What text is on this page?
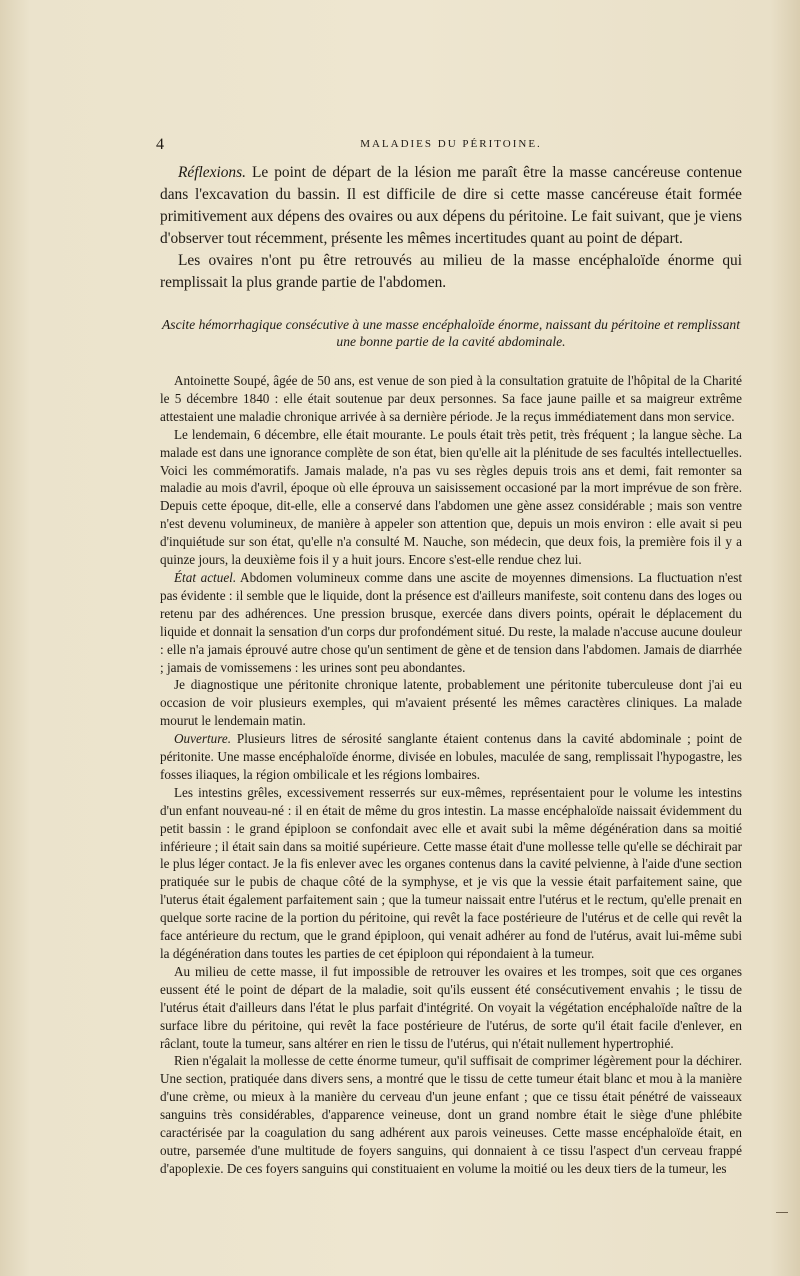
4	MALADIES DU PÉRITOINE.

Réflexions. Le point de départ de la lésion me paraît être la masse cancéreuse contenue dans l'excavation du bassin. Il est difficile de dire si cette masse cancéreuse était formée primitivement aux dépens des ovaires ou aux dépens du péritoine. Le fait suivant, que je viens d'observer tout récemment, présente les mêmes incertitudes quant au point de départ.

Les ovaires n'ont pu être retrouvés au milieu de la masse encéphaloïde énorme qui remplissait la plus grande partie de l'abdomen.

Ascite hémorrhagique consécutive à une masse encéphaloïde énorme, naissant du péritoine et remplissant une bonne partie de la cavité abdominale.

Antoinette Soupé, âgée de 50 ans, est venue de son pied à la consultation gratuite de l'hôpital de la Charité le 5 décembre 1840 : elle était soutenue par deux personnes. Sa face jaune paille et sa maigreur extrême attestaient une maladie chronique arrivée à sa dernière période. Je la reçus immédiatement dans mon service.

Le lendemain, 6 décembre, elle était mourante. Le pouls était très petit, très fréquent ; la langue sèche. La malade est dans une ignorance complète de son état, bien qu'elle ait la plénitude de ses facultés intellectuelles. Voici les commémoratifs. Jamais malade, n'a pas vu ses règles depuis trois ans et demi, fait remonter sa maladie au mois d'avril, époque où elle éprouva un saisissement occasioné par la mort imprévue de son frère. Depuis cette époque, dit-elle, elle a conservé dans l'abdomen une gène assez considérable ; mais son ventre n'est devenu volumineux, de manière à appeler son attention que, depuis un mois environ : elle avait si peu d'inquiétude sur son état, qu'elle n'a consulté M. Nauche, son médecin, que deux fois, la première fois il y a quinze jours, la deuxième fois il y a huit jours. Encore s'est-elle rendue chez lui.

État actuel. Abdomen volumineux comme dans une ascite de moyennes dimensions. La fluctuation n'est pas évidente : il semble que le liquide, dont la présence est d'ailleurs manifeste, soit contenu dans des loges ou retenu par des adhérences. Une pression brusque, exercée dans divers points, opérait le déplacement du liquide et donnait la sensation d'un corps dur profondément situé. Du reste, la malade n'accuse aucune douleur : elle n'a jamais éprouvé autre chose qu'un sentiment de gène et de tension dans l'abdomen. Jamais de diarrhée ; jamais de vomissemens : les urines sont peu abondantes.

Je diagnostique une péritonite chronique latente, probablement une péritonite tuberculeuse dont j'ai eu occasion de voir plusieurs exemples, qui m'avaient présenté les mêmes caractères cliniques. La malade mourut le lendemain matin.

Ouverture. Plusieurs litres de sérosité sanglante étaient contenus dans la cavité abdominale ; point de péritonite. Une masse encéphaloïde énorme, divisée en lobules, maculée de sang, remplissait l'hypogastre, les fosses iliaques, la région ombilicale et les régions lombaires.

Les intestins grêles, excessivement resserrés sur eux-mêmes, représentaient pour le volume les intestins d'un enfant nouveau-né : il en était de même du gros intestin. La masse encéphaloïde naissait évidemment du petit bassin : le grand épiploon se confondait avec elle et avait subi la même dégénération dans sa moitié inférieure ; il était sain dans sa moitié supérieure. Cette masse était d'une mollesse telle qu'elle se déchirait par le plus léger contact. Je la fis enlever avec les organes contenus dans la cavité pelvienne, à l'aide d'une section pratiquée sur le pubis de chaque côté de la symphyse, et je vis que la vessie était parfaitement saine, que l'uterus était également parfaitement sain ; que la tumeur naissait entre l'utérus et le rectum, qu'elle prenait en quelque sorte racine de la portion du péritoine, qui revêt la face postérieure de l'utérus et de celle qui revêt la face antérieure du rectum, que le grand épiploon, qui venait adhérer au fond de l'utérus, avait lui-même subi la dégénération dans toutes les parties de cet épiploon qui répondaient à la tumeur.

Au milieu de cette masse, il fut impossible de retrouver les ovaires et les trompes, soit que ces organes eussent été le point de départ de la maladie, soit qu'ils eussent été consécutivement envahis ; le tissu de l'utérus était d'ailleurs dans l'état le plus parfait d'intégrité. On voyait la végétation encéphaloïde naître de la surface libre du péritoine, qui revêt la face postérieure de l'utérus, de sorte qu'il était facile d'enlever, en râclant, toute la tumeur, sans altérer en rien le tissu de l'utérus, qui n'était nullement hypertrophié.

Rien n'égalait la mollesse de cette énorme tumeur, qu'il suffisait de comprimer légèrement pour la déchirer. Une section, pratiquée dans divers sens, a montré que le tissu de cette tumeur était blanc et mou à la manière d'une crème, ou mieux à la manière du cerveau d'un jeune enfant ; que ce tissu était pénétré de vaisseaux sanguins très considérables, d'apparence veineuse, dont un grand nombre était le siège d'une phlébite caractérisée par la coagulation du sang adhérent aux parois veineuses. Cette masse encéphaloïde était, en outre, parsemée d'une multitude de foyers sanguins, qui donnaient à ce tissu l'aspect d'un cerveau frappé d'apoplexie. De ces foyers sanguins qui constituaient en volume la moitié ou les deux tiers de la tumeur, les
